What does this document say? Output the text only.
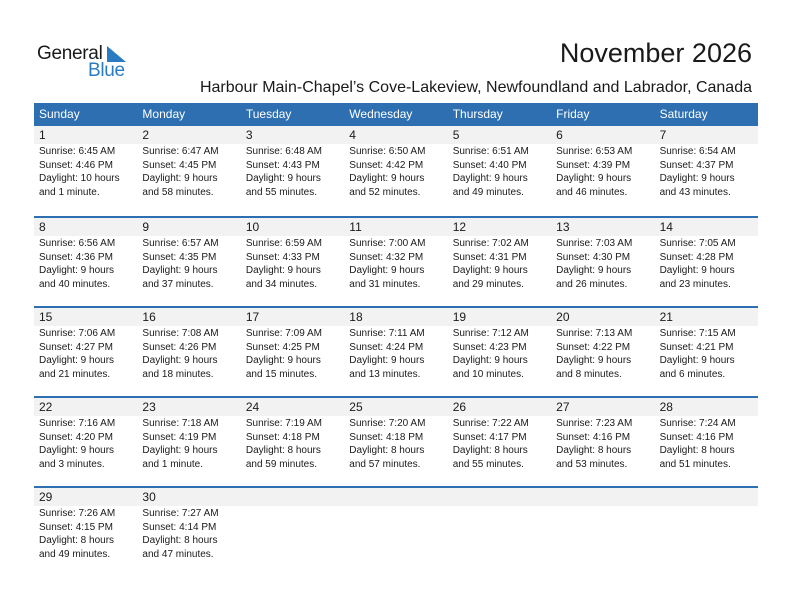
General
Blue
November 2026
Harbour Main-Chapel’s Cove-Lakeview, Newfoundland and Labrador, Canada
Sunday	Monday	Tuesday	Wednesday	Thursday	Friday	Saturday
1	2	3	4	5	6	7
Sunrise: 6:45 AM
Sunset: 4:46 PM
Daylight: 10 hours
and 1 minute.
Sunrise: 6:47 AM
Sunset: 4:45 PM
Daylight: 9 hours
and 58 minutes.
Sunrise: 6:48 AM
Sunset: 4:43 PM
Daylight: 9 hours
and 55 minutes.
Sunrise: 6:50 AM
Sunset: 4:42 PM
Daylight: 9 hours
and 52 minutes.
Sunrise: 6:51 AM
Sunset: 4:40 PM
Daylight: 9 hours
and 49 minutes.
Sunrise: 6:53 AM
Sunset: 4:39 PM
Daylight: 9 hours
and 46 minutes.
Sunrise: 6:54 AM
Sunset: 4:37 PM
Daylight: 9 hours
and 43 minutes.
8	9	10	11	12	13	14
Sunrise: 6:56 AM
Sunset: 4:36 PM
Daylight: 9 hours
and 40 minutes.
Sunrise: 6:57 AM
Sunset: 4:35 PM
Daylight: 9 hours
and 37 minutes.
Sunrise: 6:59 AM
Sunset: 4:33 PM
Daylight: 9 hours
and 34 minutes.
Sunrise: 7:00 AM
Sunset: 4:32 PM
Daylight: 9 hours
and 31 minutes.
Sunrise: 7:02 AM
Sunset: 4:31 PM
Daylight: 9 hours
and 29 minutes.
Sunrise: 7:03 AM
Sunset: 4:30 PM
Daylight: 9 hours
and 26 minutes.
Sunrise: 7:05 AM
Sunset: 4:28 PM
Daylight: 9 hours
and 23 minutes.
15	16	17	18	19	20	21
Sunrise: 7:06 AM
Sunset: 4:27 PM
Daylight: 9 hours
and 21 minutes.
Sunrise: 7:08 AM
Sunset: 4:26 PM
Daylight: 9 hours
and 18 minutes.
Sunrise: 7:09 AM
Sunset: 4:25 PM
Daylight: 9 hours
and 15 minutes.
Sunrise: 7:11 AM
Sunset: 4:24 PM
Daylight: 9 hours
and 13 minutes.
Sunrise: 7:12 AM
Sunset: 4:23 PM
Daylight: 9 hours
and 10 minutes.
Sunrise: 7:13 AM
Sunset: 4:22 PM
Daylight: 9 hours
and 8 minutes.
Sunrise: 7:15 AM
Sunset: 4:21 PM
Daylight: 9 hours
and 6 minutes.
22	23	24	25	26	27	28
Sunrise: 7:16 AM
Sunset: 4:20 PM
Daylight: 9 hours
and 3 minutes.
Sunrise: 7:18 AM
Sunset: 4:19 PM
Daylight: 9 hours
and 1 minute.
Sunrise: 7:19 AM
Sunset: 4:18 PM
Daylight: 8 hours
and 59 minutes.
Sunrise: 7:20 AM
Sunset: 4:18 PM
Daylight: 8 hours
and 57 minutes.
Sunrise: 7:22 AM
Sunset: 4:17 PM
Daylight: 8 hours
and 55 minutes.
Sunrise: 7:23 AM
Sunset: 4:16 PM
Daylight: 8 hours
and 53 minutes.
Sunrise: 7:24 AM
Sunset: 4:16 PM
Daylight: 8 hours
and 51 minutes.
29	30
Sunrise: 7:26 AM
Sunset: 4:15 PM
Daylight: 8 hours
and 49 minutes.
Sunrise: 7:27 AM
Sunset: 4:14 PM
Daylight: 8 hours
and 47 minutes.
